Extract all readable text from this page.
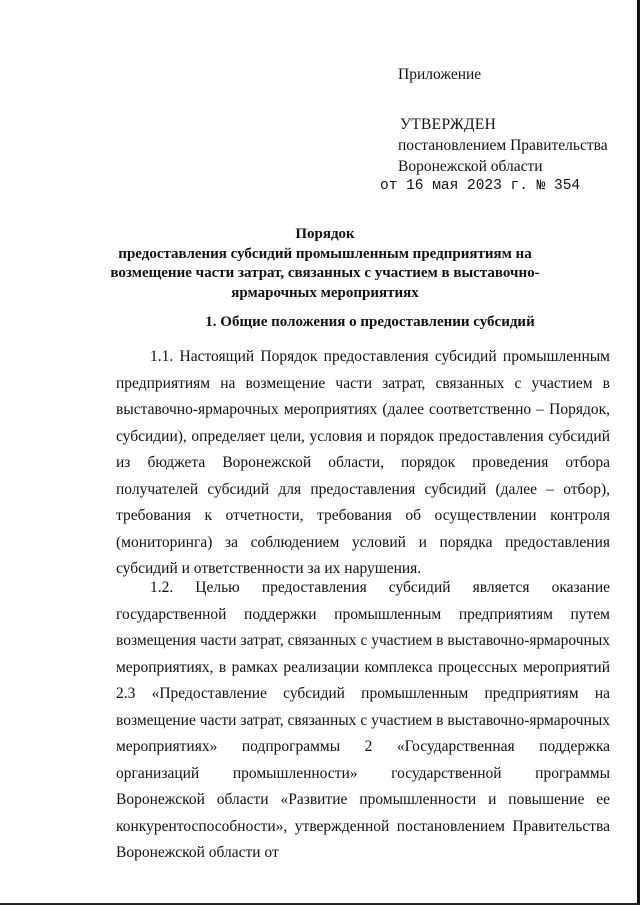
Приложение
УТВЕРЖДЕН
постановлением Правительства
Воронежской области
от 16 мая 2023 г. № 354
Порядок
предоставления субсидий промышленным предприятиям на возмещение части затрат, связанных с участием в выставочно-ярмарочных мероприятиях
1. Общие положения о предоставлении субсидий

1.1. Настоящий Порядок предоставления субсидий промышленным предприятиям на возмещение части затрат, связанных с участием в выставочно-ярмарочных мероприятиях (далее соответственно – Порядок, субсидии), определяет цели, условия и порядок предоставления субсидий из бюджета Воронежской области, порядок проведения отбора получателей субсидий для предоставления субсидий (далее – отбор), требования к отчетности, требования об осуществлении контроля (мониторинга) за соблюдением условий и порядка предоставления субсидий и ответственности за их нарушения.

1.2. Целью предоставления субсидий является оказание государственной поддержки промышленным предприятиям путем возмещения части затрат, связанных с участием в выставочно-ярмарочных мероприятиях, в рамках реализации комплекса процессных мероприятий 2.3 «Предоставление субсидий промышленным предприятиям на возмещение части затрат, связанных с участием в выставочно-ярмарочных мероприятиях» подпрограммы 2 «Государственная поддержка организаций промышленности» государственной программы Воронежской области «Развитие промышленности и повышение ее конкурентоспособности», утвержденной постановлением Правительства Воронежской области от
